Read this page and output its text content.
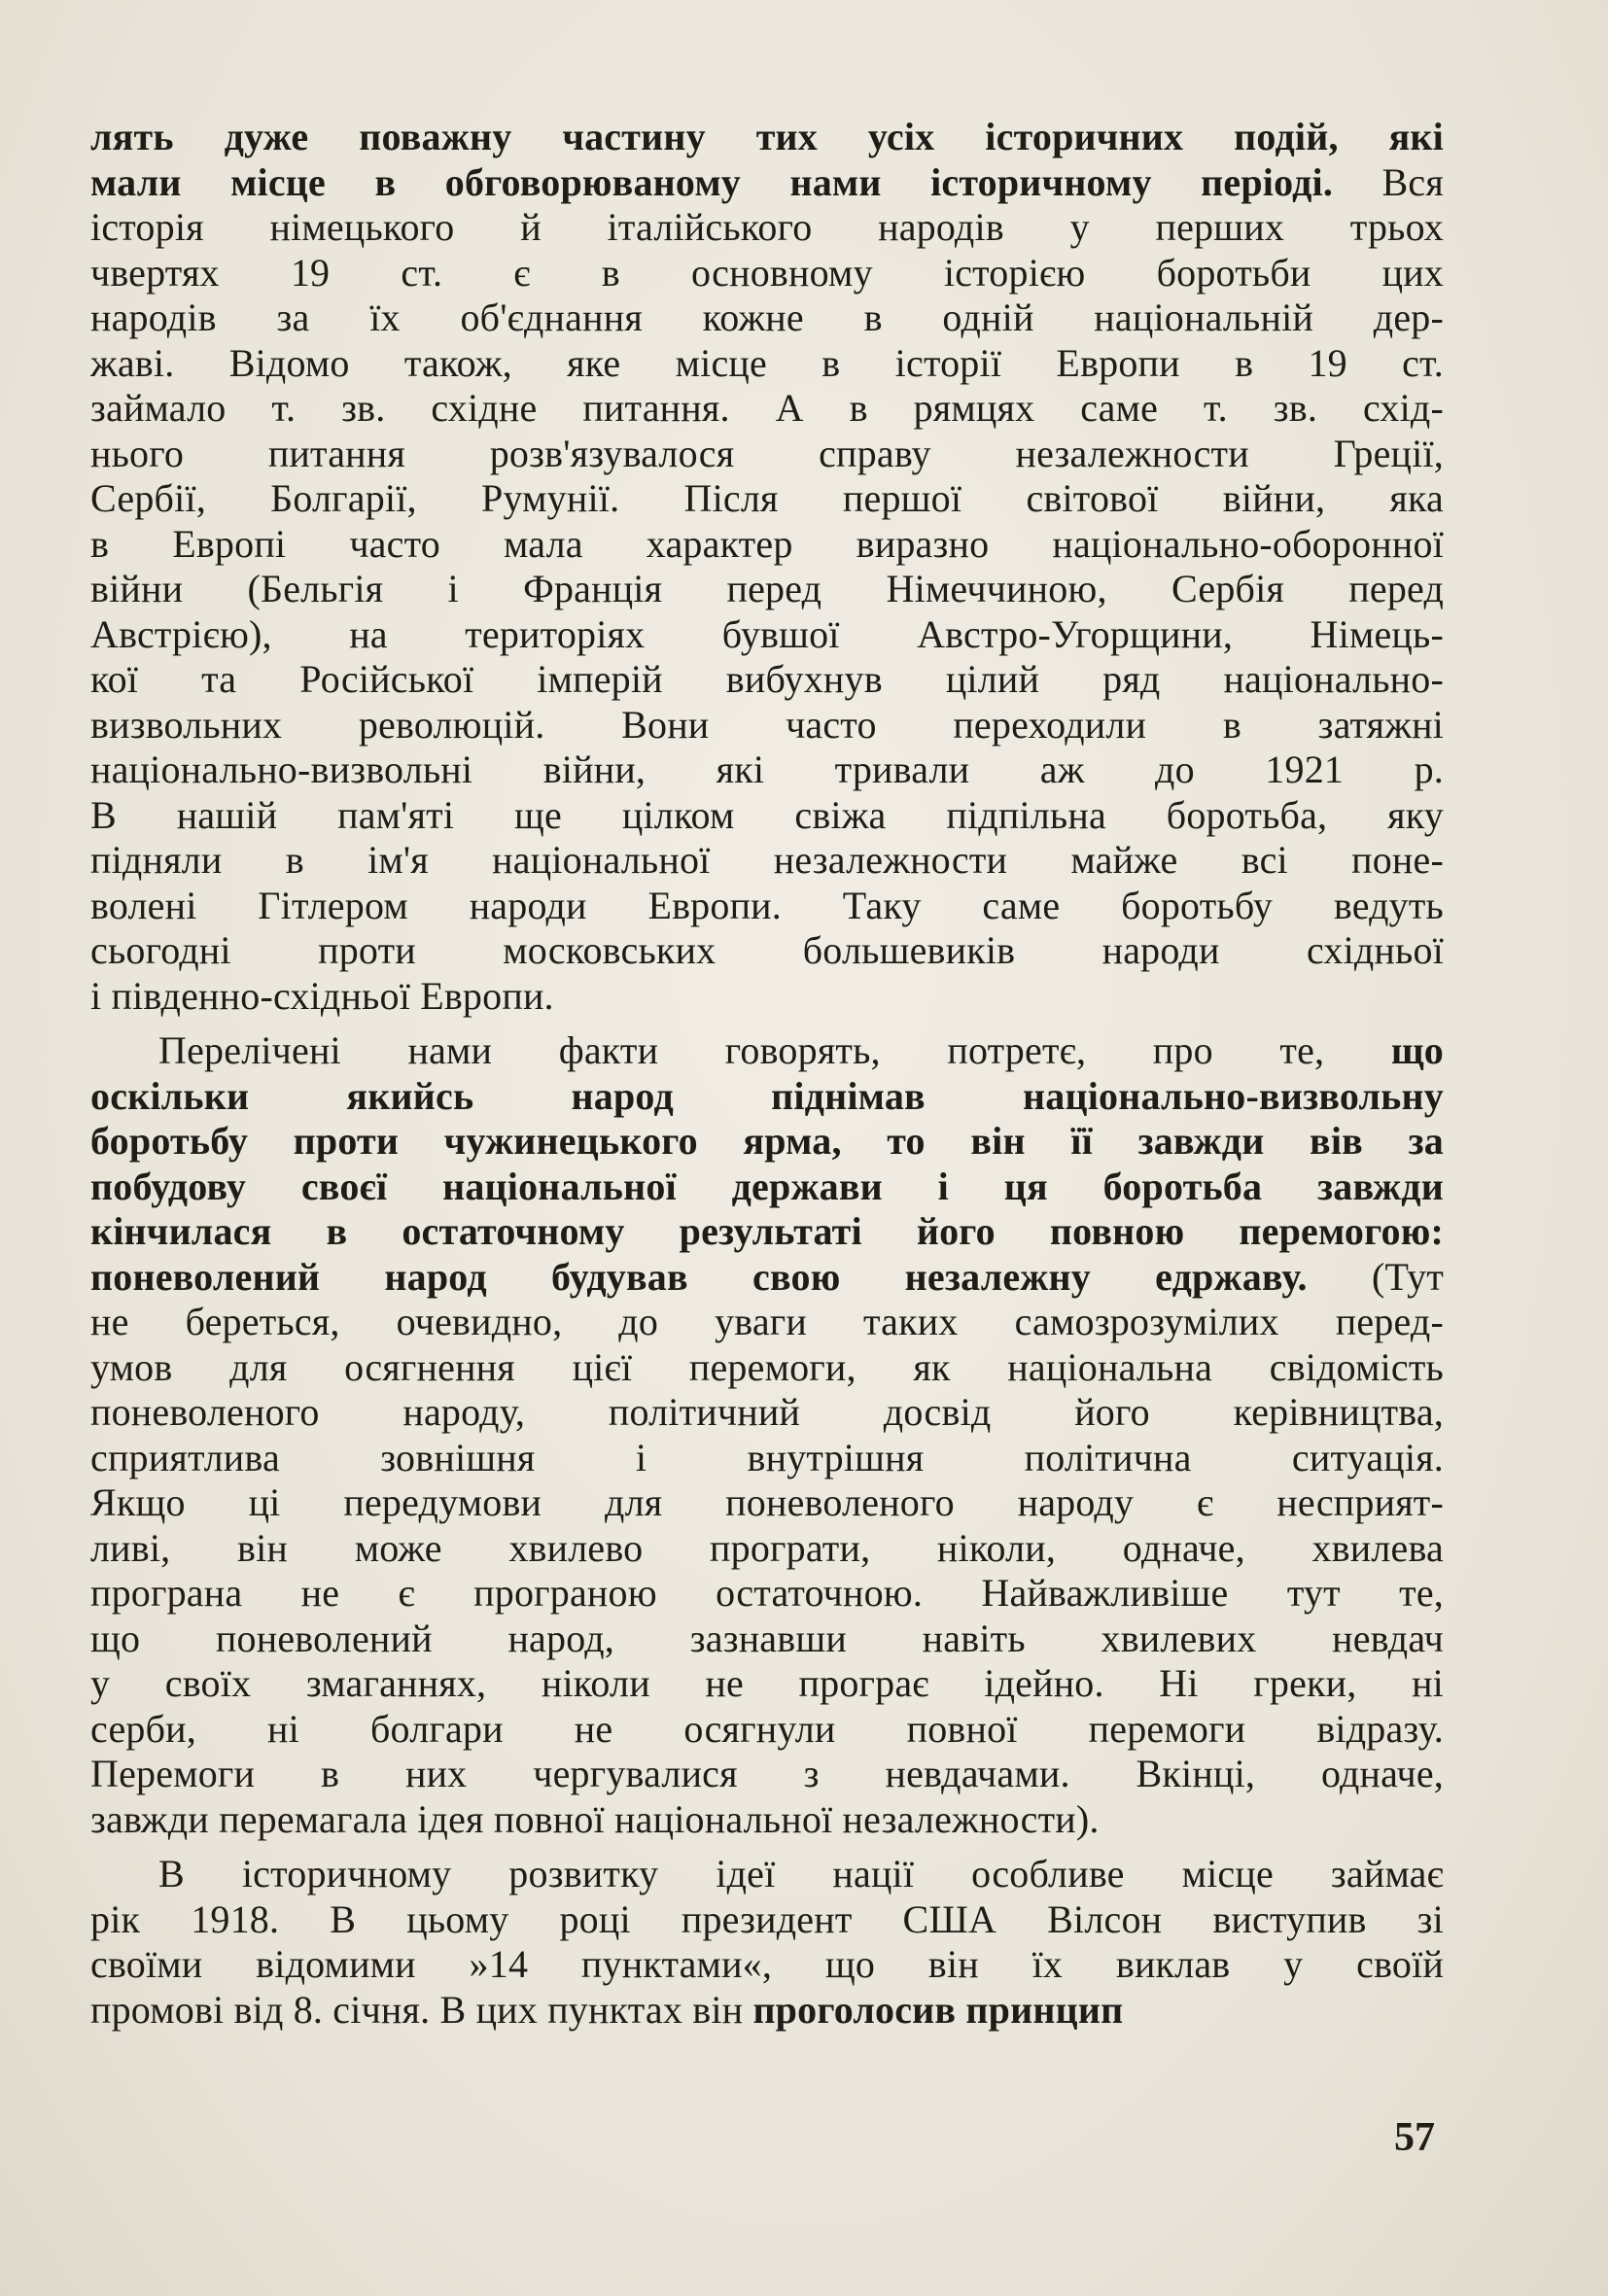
лять дуже поважну частину тих усіх історичних подій, які
мали місце в обговорюваному нами історичному періоді. Вся
історія німецького й італійського народів у перших трьох
чвертях 19 ст. є в основному історією боротьби цих
народів за їх об'єднання кожне в одній національній дер-
жаві. Відомо також, яке місце в історії Европи в 19 ст.
займало т. зв. східне питання. А в рямцях саме т. зв. схід-
нього питання розв'язувалося справу незалежности Греції,
Сербії, Болгарії, Румунії. Після першої світової війни, яка
в Европі часто мала характер виразно національно-оборонної
війни (Бельгія і Франція перед Німеччиною, Сербія перед
Австрією), на територіях бувшої Австро-Угорщини, Німець-
кої та Російської імперій вибухнув цілий ряд національно-
визвольних революцій. Вони часто переходили в затяжні
національно-визвольні війни, які тривали аж до 1921 р.
В нашій пам'яті ще цілком свіжа підпільна боротьба, яку
підняли в ім'я національної незалежности майже всі поне-
волені Гітлером народи Европи. Таку саме боротьбу ведуть
сьогодні проти московських большевиків народи східньої
і південно-східньої Европи.
Перелічені нами факти говорять, потретє, про те, що
оскільки якийсь народ піднімав національно-визвольну
боротьбу проти чужинецького ярма, то він її завжди вів за
побудову своєї національної держави і ця боротьба завжди
кінчилася в остаточному результаті його повною перемогою:
поневолений народ будував свою незалежну едржаву. (Тут
не береться, очевидно, до уваги таких самозрозумілих перед-
умов для осягнення цієї перемоги, як національна свідомість
поневоленого народу, політичний досвід його керівництва,
сприятлива зовнішня і внутрішня політична ситуація.
Якщо ці передумови для поневоленого народу є несприят-
ливі, він може хвилево програти, ніколи, одначе, хвилева
програна не є програною остаточною. Найважливіше тут те,
що поневолений народ, зазнавши навіть хвилевих невдач
у своїх змаганнях, ніколи не програє ідейно. Ні греки, ні
серби, ні болгари не осягнули повної перемоги відразу.
Перемоги в них чергувалися з невдачами. Вкінці, одначе,
завжди перемагала ідея повної національної незалежности).
В історичному розвитку ідеї нації особливе місце займає
рік 1918. В цьому році президент США Вілсон виступив зі
своїми відомими »14 пунктами«, що він їх виклав у своїй
промові від 8. січня. В цих пунктах він проголосив принцип
57
